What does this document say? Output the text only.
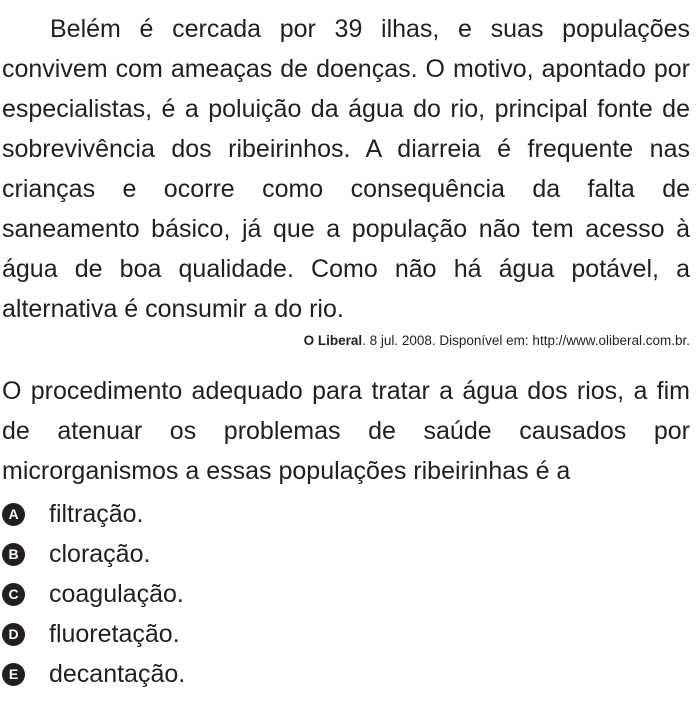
Belém é cercada por 39 ilhas, e suas populações convivem com ameaças de doenças. O motivo, apontado por especialistas, é a poluição da água do rio, principal fonte de sobrevivência dos ribeirinhos. A diarreia é frequente nas crianças e ocorre como consequência da falta de saneamento básico, já que a população não tem acesso à água de boa qualidade. Como não há água potável, a alternativa é consumir a do rio.

O Liberal. 8 jul. 2008. Disponível em: http://www.oliberal.com.br.

O procedimento adequado para tratar a água dos rios, a fim de atenuar os problemas de saúde causados por microrganismos a essas populações ribeirinhas é a

A filtração.
B cloração.
C coagulação.
D fluoretação.
E decantação.
